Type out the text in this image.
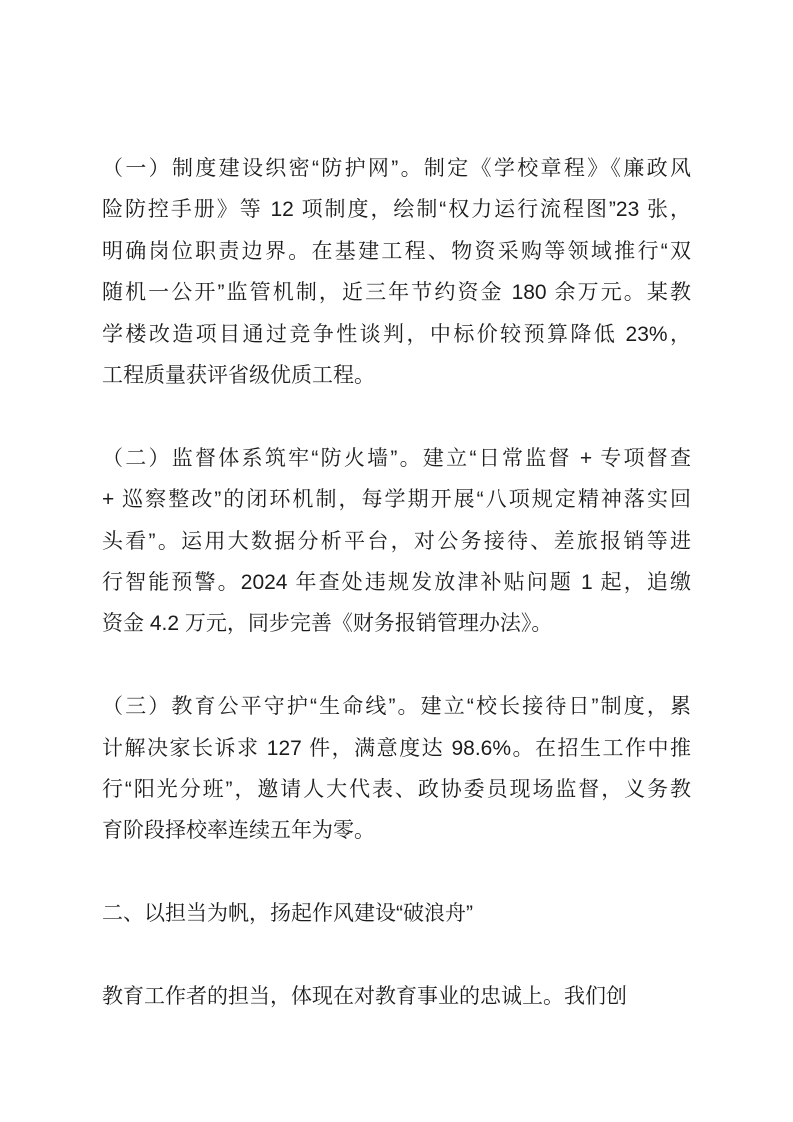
（一）制度建设织密“防护网”。制定《学校章程》《廉政风
险防控手册》等 12 项制度，绘制“权力运行流程图”23 张，
明确岗位职责边界。在基建工程、物资采购等领域推行“双
随机一公开”监管机制，近三年节约资金 180 余万元。某教
学楼改造项目通过竞争性谈判，中标价较预算降低 23%，
工程质量获评省级优质工程。
（二）监督体系筑牢“防火墙”。建立“日常监督 + 专项督查
+ 巡察整改”的闭环机制，每学期开展“八项规定精神落实回
头看”。运用大数据分析平台，对公务接待、差旅报销等进
行智能预警。2024 年查处违规发放津补贴问题 1 起，追缴
资金 4.2 万元，同步完善《财务报销管理办法》。
（三）教育公平守护“生命线”。建立“校长接待日”制度，累
计解决家长诉求 127 件，满意度达 98.6%。在招生工作中推
行“阳光分班”，邀请人大代表、政协委员现场监督，义务教
育阶段择校率连续五年为零。
二、以担当为帆，扬起作风建设“破浪舟”
教育工作者的担当，体现在对教育事业的忠诚上。我们创
